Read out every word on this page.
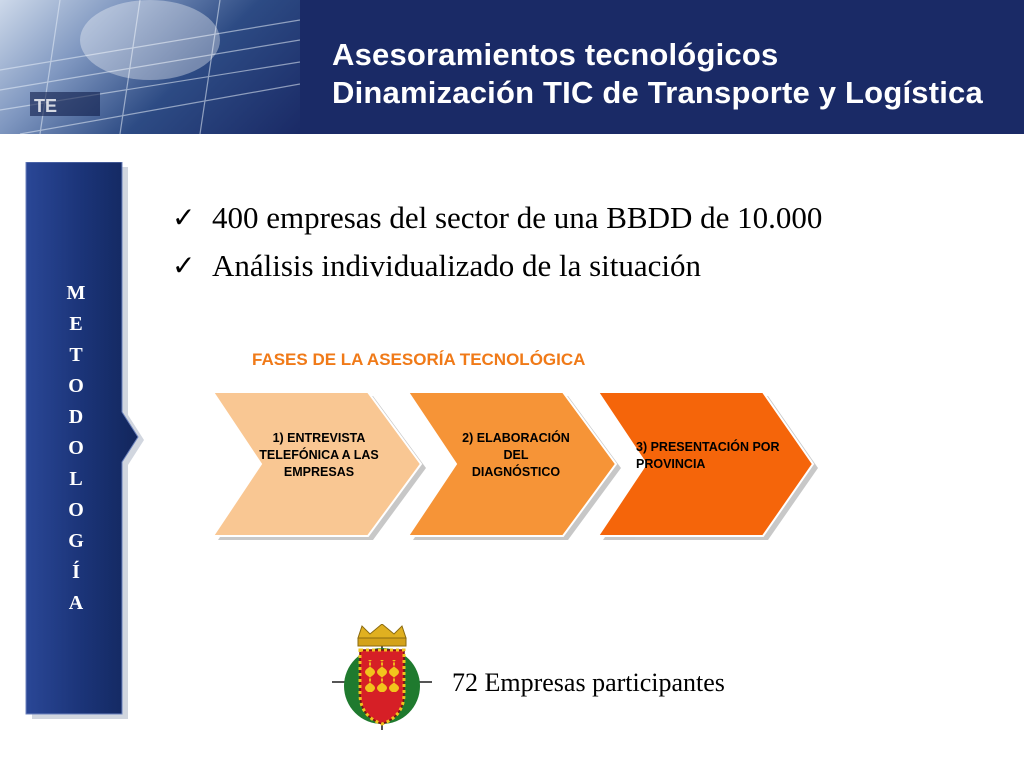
TE
Asesoramientos tecnológicos
Dinamización TIC de Transporte y Logística
M
E
T
O
D
O
L
O
G
Í
A
✓ 400 empresas del sector de una BBDD de 10.000
✓ Análisis individualizado de la situación
FASES DE LA ASESORÍA TECNOLÓGICA
1) ENTREVISTA
TELEFÓNICA A LAS
EMPRESAS
2) ELABORACIÓN
DEL
DIAGNÓSTICO
3) PRESENTACIÓN POR
PROVINCIA
72 Empresas participantes
